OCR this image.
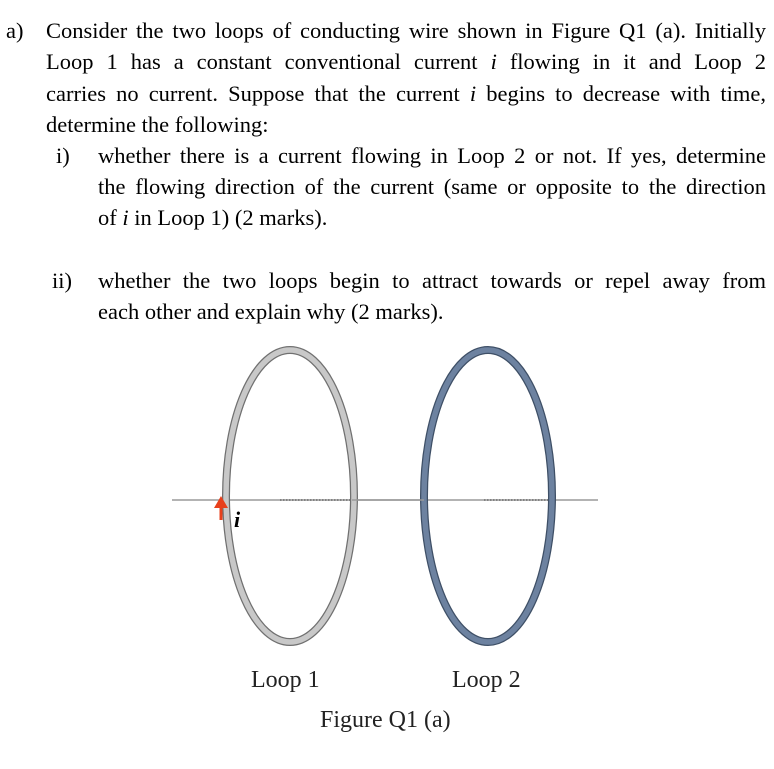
a) Consider the two loops of conducting wire shown in Figure Q1 (a). Initially
Loop 1 has a constant conventional current i flowing in it and Loop 2
carries no current. Suppose that the current i begins to decrease with time,
determine the following:
i) whether there is a current flowing in Loop 2 or not. If yes, determine
the flowing direction of the current (same or opposite to the direction
of i in Loop 1) (2 marks).
ii) whether the two loops begin to attract towards or repel away from
each other and explain why (2 marks).
i
Loop 1	Loop 2
Figure Q1 (a)
